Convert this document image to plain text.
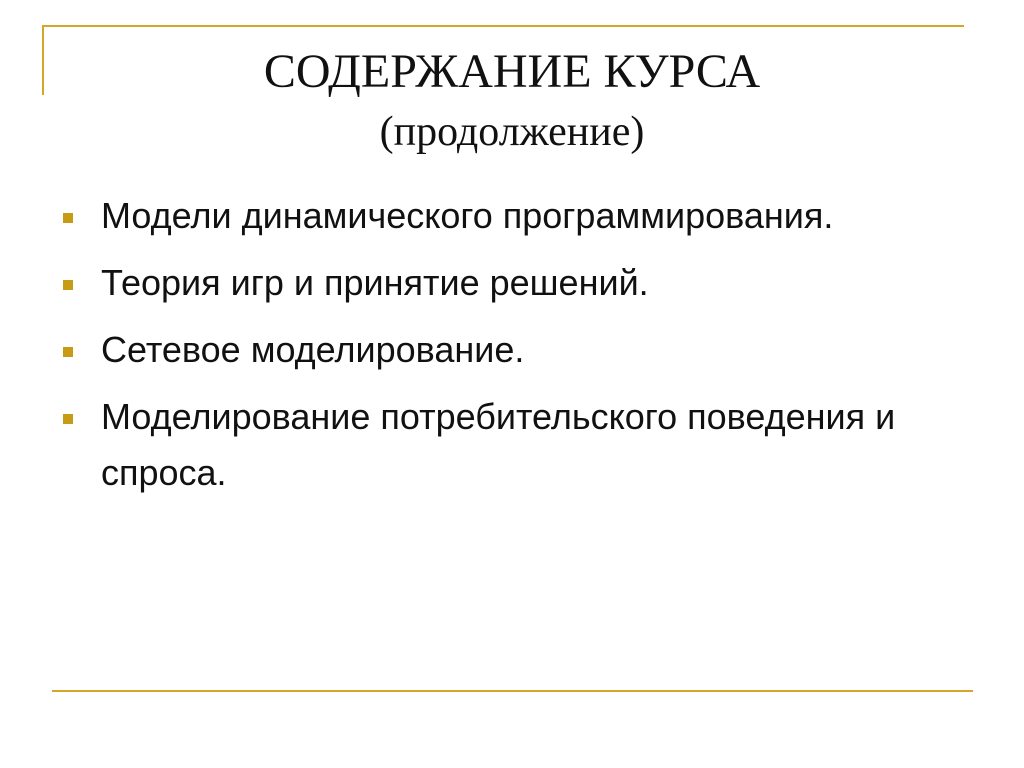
СОДЕРЖАНИЕ КУРСА
(продолжение)
Модели динамического программирования.
Теория игр и принятие решений.
Сетевое моделирование.
Моделирование потребительского поведения и спроса.
